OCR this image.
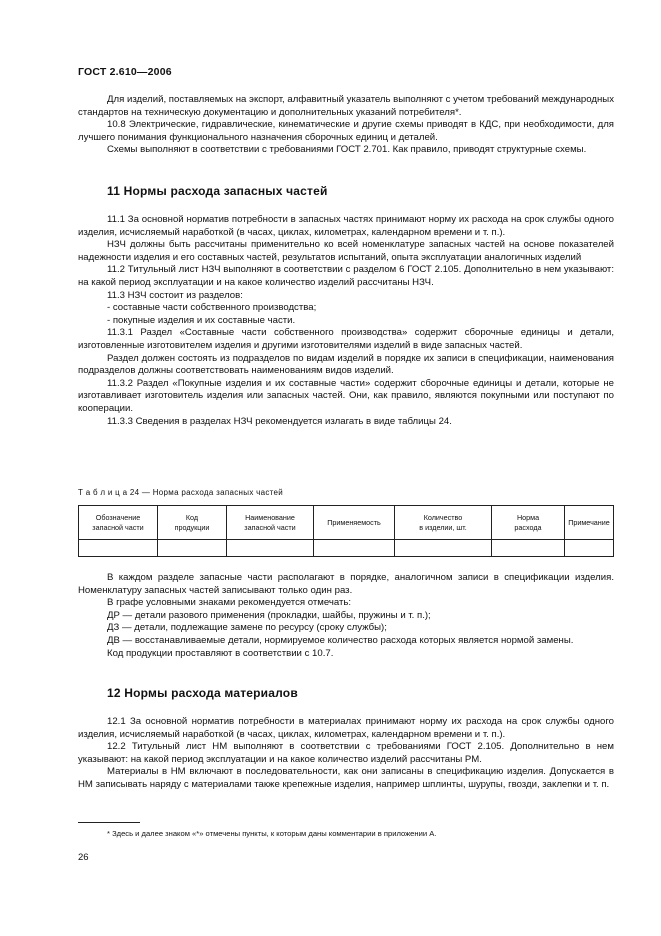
ГОСТ 2.610—2006

Для изделий, поставляемых на экспорт, алфавитный указатель выполняют с учетом требований международных стандартов на техническую документацию и дополнительных указаний потребителя*.

10.8 Электрические, гидравлические, кинематические и другие схемы приводят в КДС, при необходимости, для лучшего понимания функционального назначения сборочных единиц и деталей.

Схемы выполняют в соответствии с требованиями ГОСТ 2.701. Как правило, приводят структурные схемы.

11 Нормы расхода запасных частей

11.1 За основной норматив потребности в запасных частях принимают норму их расхода на срок службы одного изделия, исчисляемый наработкой (в часах, циклах, километрах, календарном времени и т. п.).

НЗЧ должны быть рассчитаны применительно ко всей номенклатуре запасных частей на основе показателей надежности изделия и его составных частей, результатов испытаний, опыта эксплуатации аналогичных изделий

11.2 Титульный лист НЗЧ выполняют в соответствии с разделом 6 ГОСТ 2.105. Дополнительно в нем указывают: на какой период эксплуатации и на какое количество изделий рассчитаны НЗЧ.

11.3 НЗЧ состоит из разделов:

- составные части собственного производства;

- покупные изделия и их составные части.

11.3.1 Раздел «Составные части собственного производства» содержит сборочные единицы и детали, изготовленные изготовителем изделия и другими изготовителями изделий в виде запасных частей.

Раздел должен состоять из подразделов по видам изделий в порядке их записи в спецификации, наименования подразделов должны соответствовать наименованиям видов изделий.

11.3.2 Раздел «Покупные изделия и их составные части» содержит сборочные единицы и детали, которые не изготавливает изготовитель изделия или запасных частей. Они, как правило, являются покупными или поступают по кооперации.

11.3.3 Сведения в разделах НЗЧ рекомендуется излагать в виде таблицы 24.

Т а б л и ц а 24 — Норма расхода запасных частей
Обозначение
запасной части	Код
продукции	Наименование
запасной части	Применяемость	Количество
в изделии, шт.	Норма
расхода	Примечание

В каждом разделе запасные части располагают в порядке, аналогичном записи в спецификации изделия. Номенклатуру запасных частей записывают только один раз.

В графе условными знаками рекомендуется отмечать:

ДР — детали разового применения (прокладки, шайбы, пружины и т. п.);

ДЗ — детали, подлежащие замене по ресурсу (сроку службы);

ДВ — восстанавливаемые детали, нормируемое количество расхода которых является нормой замены.

Код продукции проставляют в соответствии с 10.7.

12 Нормы расхода материалов

12.1 За основной норматив потребности в материалах принимают норму их расхода на срок службы одного изделия, исчисляемый наработкой (в часах, циклах, километрах, календарном времени и т. п.).

12.2 Титульный лист НМ выполняют в соответствии с требованиями ГОСТ 2.105. Дополнительно в нем указывают: на какой период эксплуатации и на какое количество изделий рассчитаны РМ.

Материалы в НМ включают в последовательности, как они записаны в спецификацию изделия. Допускается в НМ записывать наряду с материалами также крепежные изделия, например шплинты, шурупы, гвозди, заклепки и т. п.

* Здесь и далее знаком «*» отмечены пункты, к которым даны комментарии в приложении А.
26
